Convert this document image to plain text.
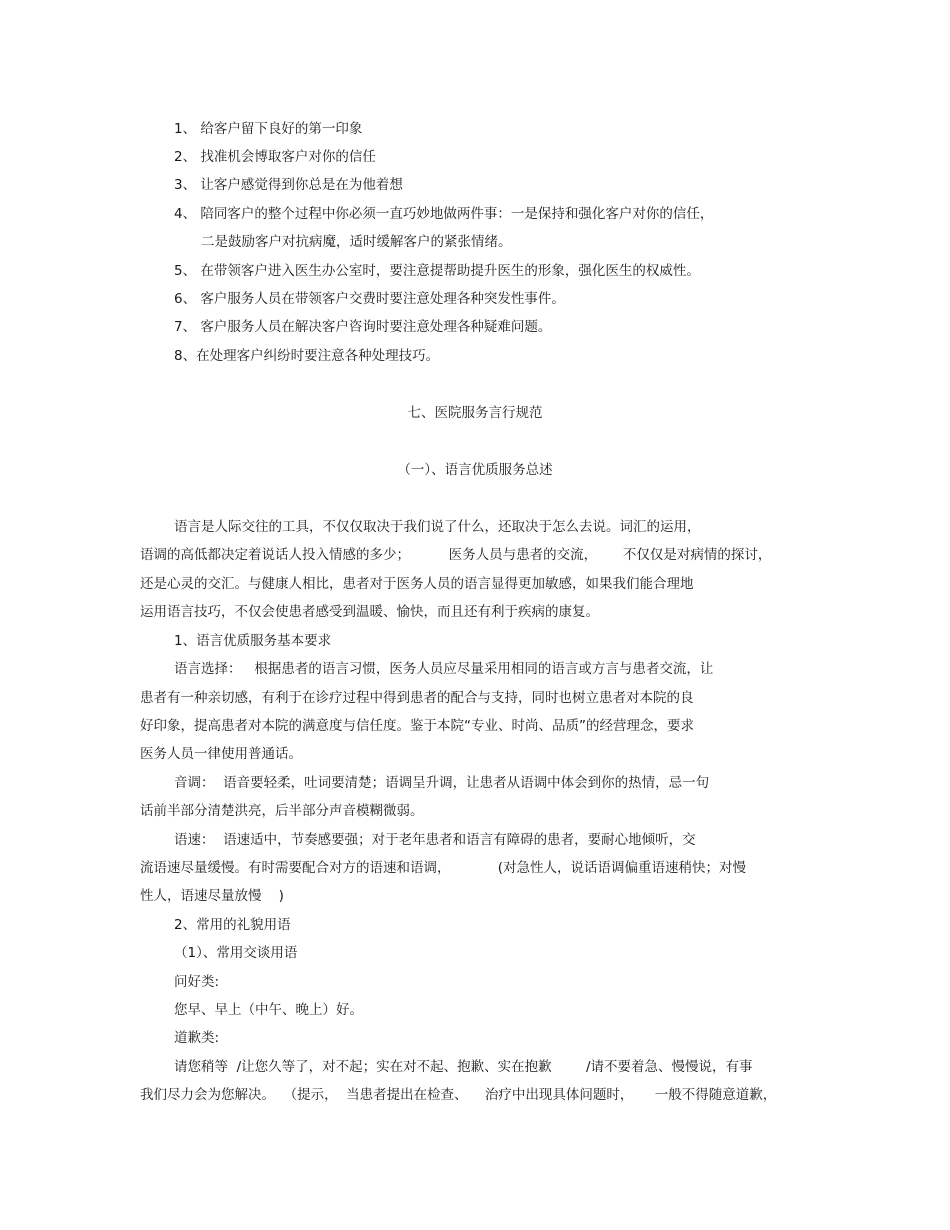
1、 给客户留下良好的第一印象
2、 找准机会博取客户对你的信任
3、 让客户感觉得到你总是在为他着想
4、 陪同客户的整个过程中你必须一直巧妙地做两件事：一是保持和强化客户对你的信任，
二是鼓励客户对抗病魔，适时缓解客户的紧张情绪。
5、 在带领客户进入医生办公室时，要注意提帮助提升医生的形象，强化医生的权威性。
6、 客户服务人员在带领客户交费时要注意处理各种突发性事件。
7、 客户服务人员在解决客户咨询时要注意处理各种疑难问题。
8、在处理客户纠纷时要注意各种处理技巧。
七、医院服务言行规范
（一）、语言优质服务总述
语言是人际交往的工具，不仅仅取决于我们说了什么，还取决于怎么去说。词汇的运用，
语调的高低都决定着说话人投入情感的多少；         医务人员与患者的交流，      不仅仅是对病情的探讨，
还是心灵的交汇。与健康人相比，患者对于医务人员的语言显得更加敏感，如果我们能合理地
运用语言技巧，不仅会使患者感受到温暖、愉快，而且还有利于疾病的康复。
1、语言优质服务基本要求
语言选择：   根据患者的语言习惯，医务人员应尽量采用相同的语言或方言与患者交流，让
患者有一种亲切感，有利于在诊疗过程中得到患者的配合与支持，同时也树立患者对本院的良
好印象，提高患者对本院的满意度与信任度。鉴于本院“专业、时尚、品质”的经营理念，要求
医务人员一律使用普通话。
音调：  语音要轻柔，吐词要清楚；语调呈升调，让患者从语调中体会到你的热情，忌一句
话前半部分清楚洪亮，后半部分声音模糊微弱。
语速：  语速适中，节奏感要强；对于老年患者和语言有障碍的患者，要耐心地倾听，交
流语速尽量缓慢。有时需要配合对方的语速和语调，           (对急性人，说话语调偏重语速稍快；对慢
性人，语速尽量放慢    )
2、常用的礼貌用语
（1）、常用交谈用语
问好类:
您早、早上（中午、晚上）好。
道歉类:
请您稍等  /让您久等了，对不起；实在对不起、抱歉、实在抱歉        /请不要着急、慢慢说，有事
我们尽力会为您解决。  （提示，  当患者提出在检查、    治疗中出现具体问题时，     一般不得随意道歉，
